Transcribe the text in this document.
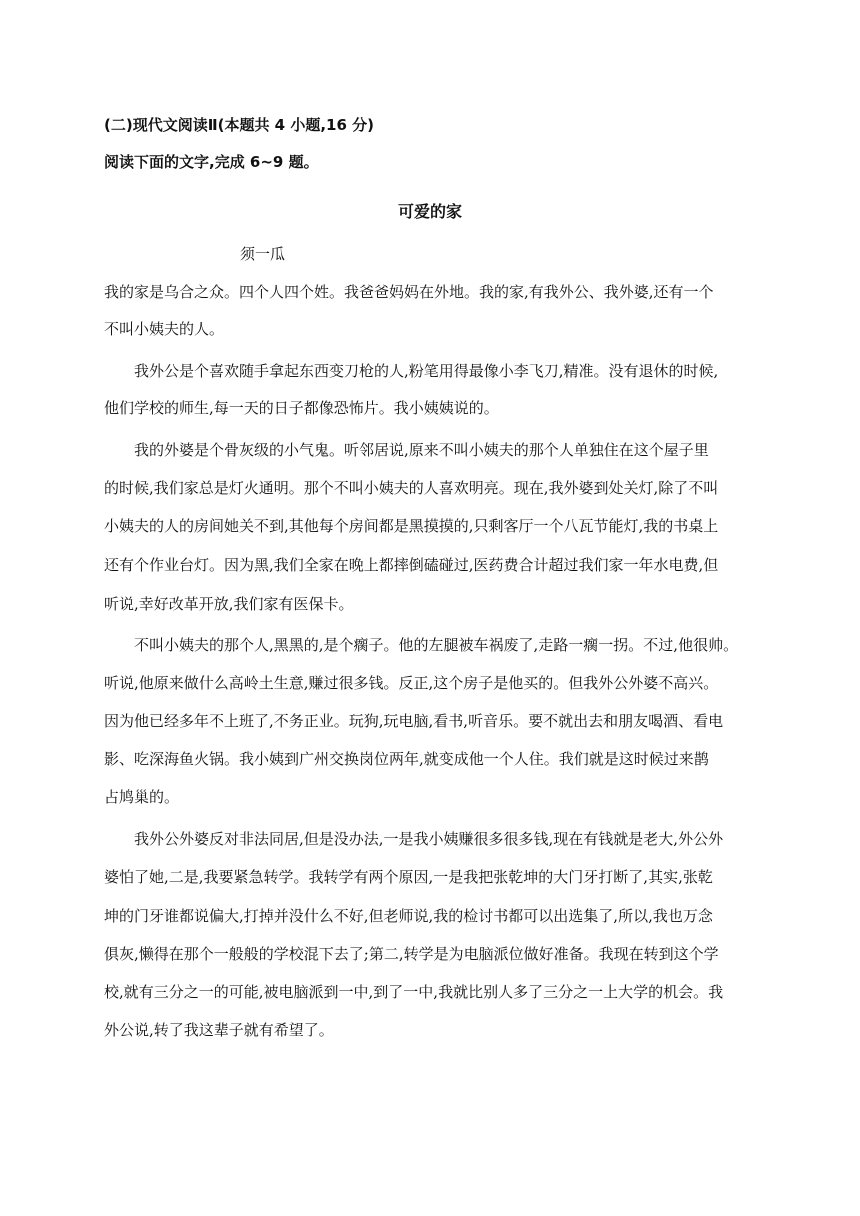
(二)现代文阅读Ⅱ(本题共 4 小题,16 分)
阅读下面的文字,完成 6~9 题。
可爱的家
须一瓜
我的家是乌合之众。四个人四个姓。我爸爸妈妈在外地。我的家,有我外公、我外婆,还有一个
不叫小姨夫的人。
我外公是个喜欢随手拿起东西变刀枪的人,粉笔用得最像小李飞刀,精准。没有退休的时候,
他们学校的师生,每一天的日子都像恐怖片。我小姨姨说的。
我的外婆是个骨灰级的小气鬼。听邻居说,原来不叫小姨夫的那个人单独住在这个屋子里
的时候,我们家总是灯火通明。那个不叫小姨夫的人喜欢明亮。现在,我外婆到处关灯,除了不叫
小姨夫的人的房间她关不到,其他每个房间都是黑摸摸的,只剩客厅一个八瓦节能灯,我的书桌上
还有个作业台灯。因为黑,我们全家在晚上都摔倒磕碰过,医药费合计超过我们家一年水电费,但
听说,幸好改革开放,我们家有医保卡。
不叫小姨夫的那个人,黑黑的,是个瘸子。他的左腿被车祸废了,走路一瘸一拐。不过,他很帅。
听说,他原来做什么高岭土生意,赚过很多钱。反正,这个房子是他买的。但我外公外婆不高兴。
因为他已经多年不上班了,不务正业。玩狗,玩电脑,看书,听音乐。要不就出去和朋友喝酒、看电
影、吃深海鱼火锅。我小姨到广州交换岗位两年,就变成他一个人住。我们就是这时候过来鹊
占鸠巢的。
我外公外婆反对非法同居,但是没办法,一是我小姨赚很多很多钱,现在有钱就是老大,外公外
婆怕了她,二是,我要紧急转学。我转学有两个原因,一是我把张乾坤的大门牙打断了,其实,张乾
坤的门牙谁都说偏大,打掉并没什么不好,但老师说,我的检讨书都可以出选集了,所以,我也万念
俱灰,懒得在那个一般般的学校混下去了;第二,转学是为电脑派位做好准备。我现在转到这个学
校,就有三分之一的可能,被电脑派到一中,到了一中,我就比别人多了三分之一上大学的机会。我
外公说,转了我这辈子就有希望了。
